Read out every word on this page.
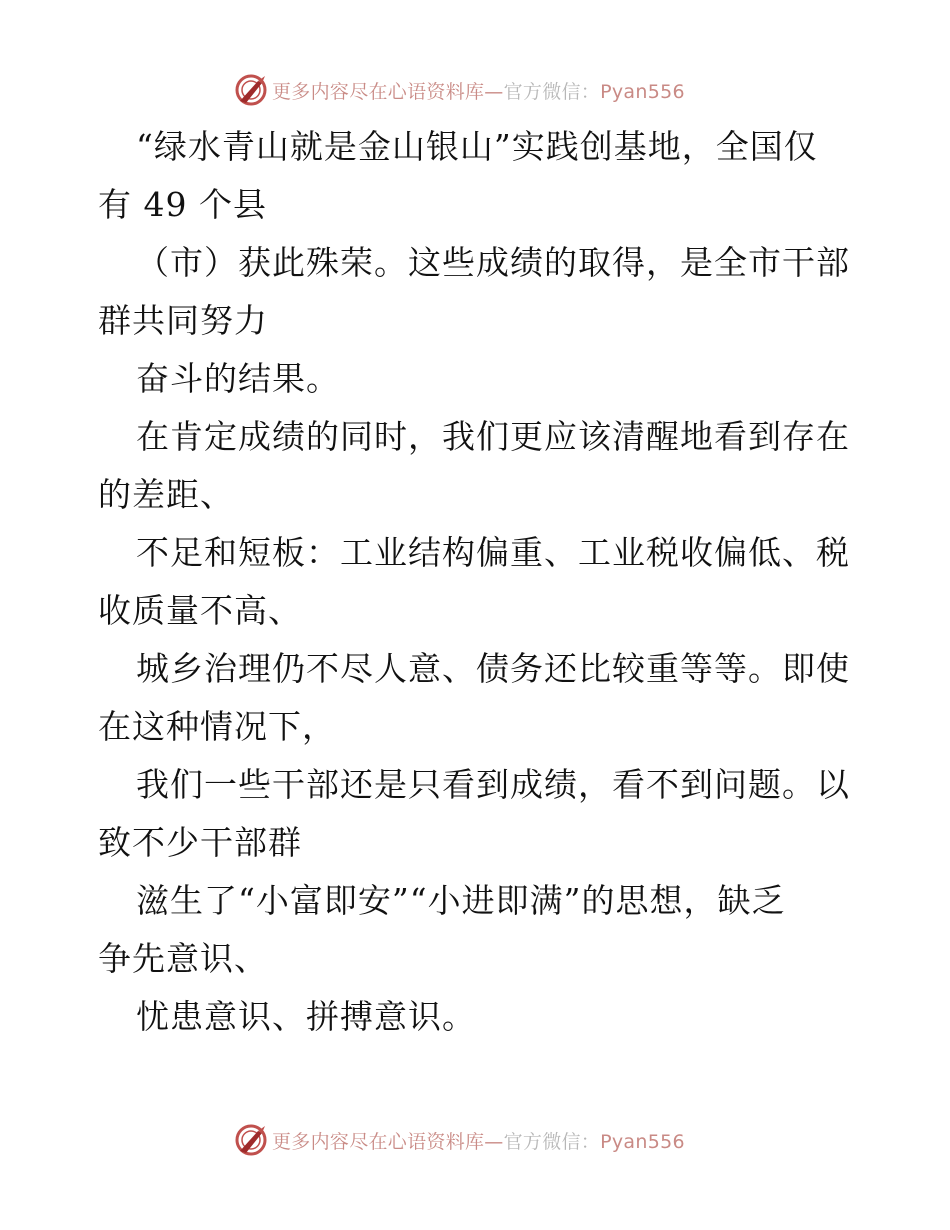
更多内容尽在心语资料库—官方微信：Pyan556
“绿水青山就是金山银山”实践创基地，全国仅
有 49 个县
（市）获此殊荣。这些成绩的取得，是全市干部
群共同努力
奋斗的结果。
在肯定成绩的同时，我们更应该清醒地看到存在
的差距、
不足和短板：工业结构偏重、工业税收偏低、税
收质量不高、
城乡治理仍不尽人意、债务还比较重等等。即使
在这种情况下，
我们一些干部还是只看到成绩，看不到问题。以
致不少干部群
滋生了“小富即安”“小进即满”的思想，缺乏
争先意识、
忧患意识、拼搏意识。
更多内容尽在心语资料库—官方微信：Pyan556
